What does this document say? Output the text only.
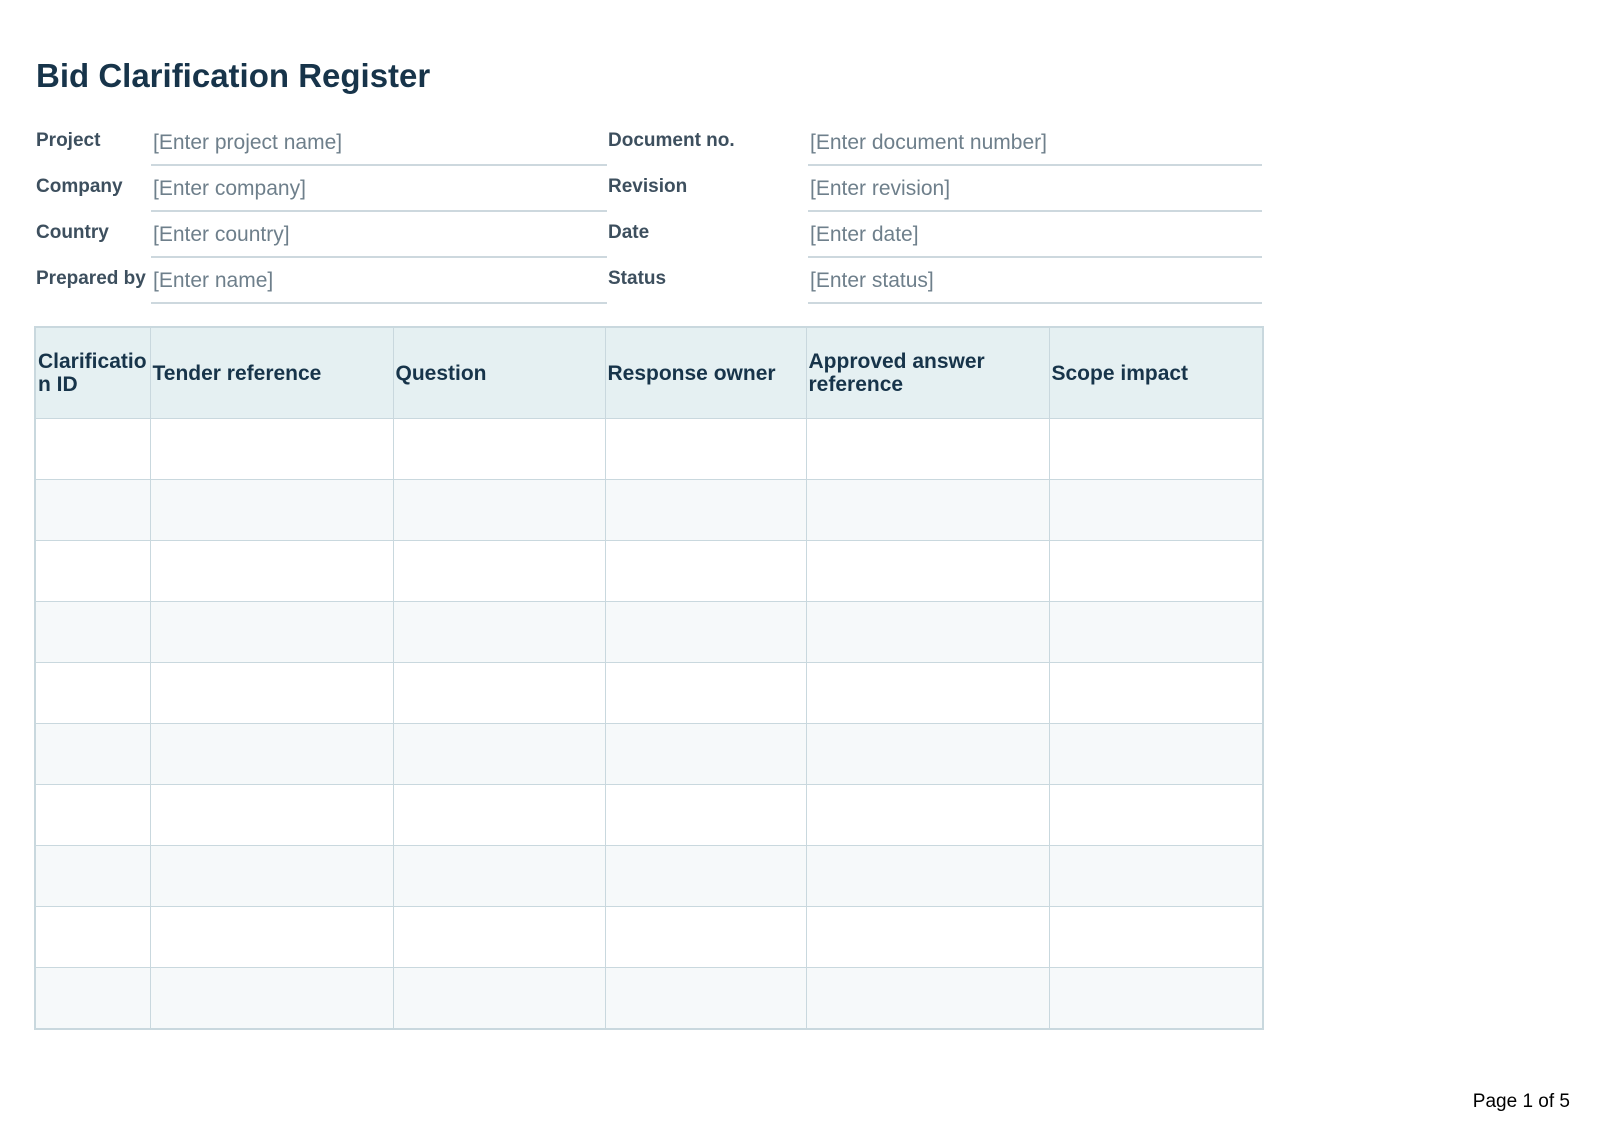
Bid Clarification Register
Project	[Enter project name]	Document no.	[Enter document number]
Company [Enter company]	Revision	[Enter revision]
Country [Enter country]	Date	[Enter date]
Prepared by [Enter name]	Status	[Enter status]
Clarification ID	Tender reference	Question	Response owner	Approved answer reference	Scope impact

Page 1 of 5
